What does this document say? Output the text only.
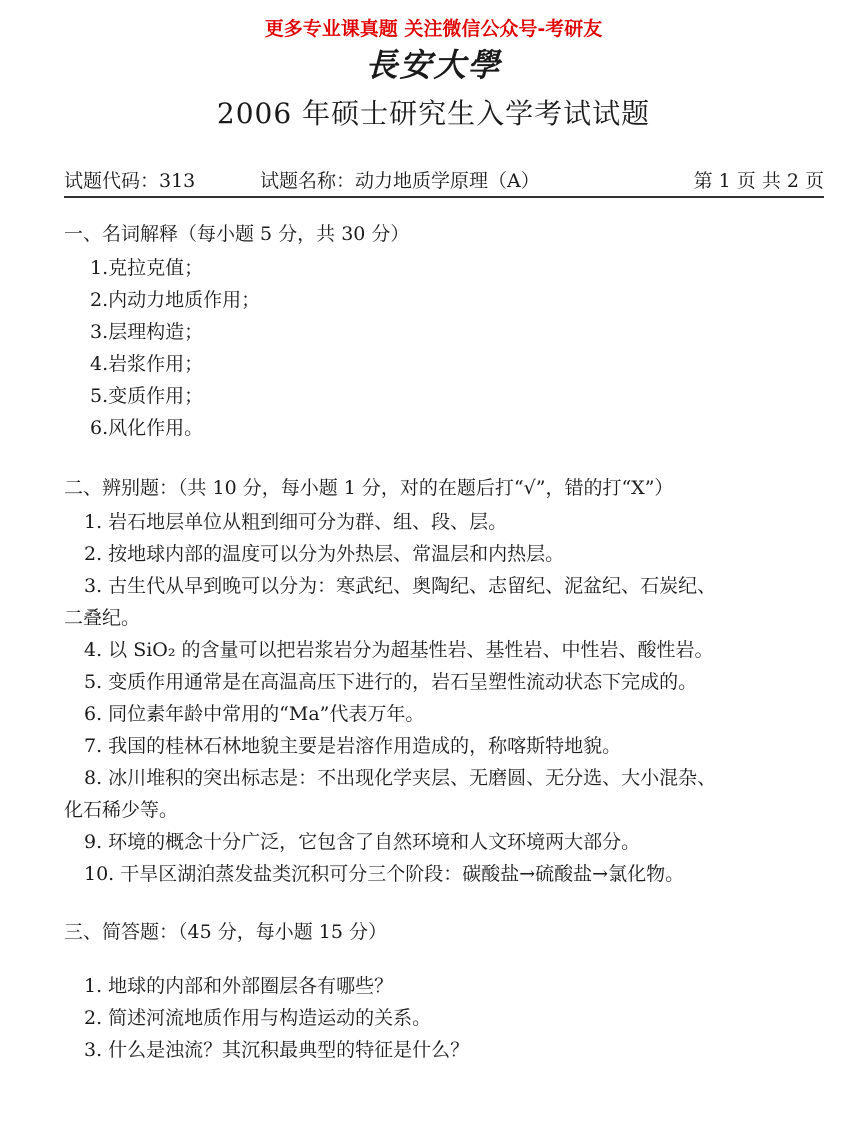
更多专业课真题 关注微信公众号-考研友
長安大學
2006 年硕士研究生入学考试试题
试题代码：313	试题名称：动力地质学原理（A）	第 1 页 共 2 页
一、名词解释（每小题 5 分，共 30 分）
1.克拉克值；
2.内动力地质作用；
3.层理构造；
4.岩浆作用；
5.变质作用；
6.风化作用。
二、辨别题：（共 10 分，每小题 1 分，对的在题后打“√”，错的打“X”）
1. 岩石地层单位从粗到细可分为群、组、段、层。
2. 按地球内部的温度可以分为外热层、常温层和内热层。
3. 古生代从早到晚可以分为：寒武纪、奥陶纪、志留纪、泥盆纪、石炭纪、
二叠纪。
4. 以 SiO₂ 的含量可以把岩浆岩分为超基性岩、基性岩、中性岩、酸性岩。
5. 变质作用通常是在高温高压下进行的，岩石呈塑性流动状态下完成的。
6. 同位素年龄中常用的“Ma”代表万年。
7. 我国的桂林石林地貌主要是岩溶作用造成的，称喀斯特地貌。
8. 冰川堆积的突出标志是：不出现化学夹层、无磨圆、无分选、大小混杂、
化石稀少等。
9. 环境的概念十分广泛，它包含了自然环境和人文环境两大部分。
10. 干旱区湖泊蒸发盐类沉积可分三个阶段：碳酸盐→硫酸盐→氯化物。
三、简答题：（45 分，每小题 15 分）
1. 地球的内部和外部圈层各有哪些？
2. 简述河流地质作用与构造运动的关系。
3. 什么是浊流？其沉积最典型的特征是什么？
